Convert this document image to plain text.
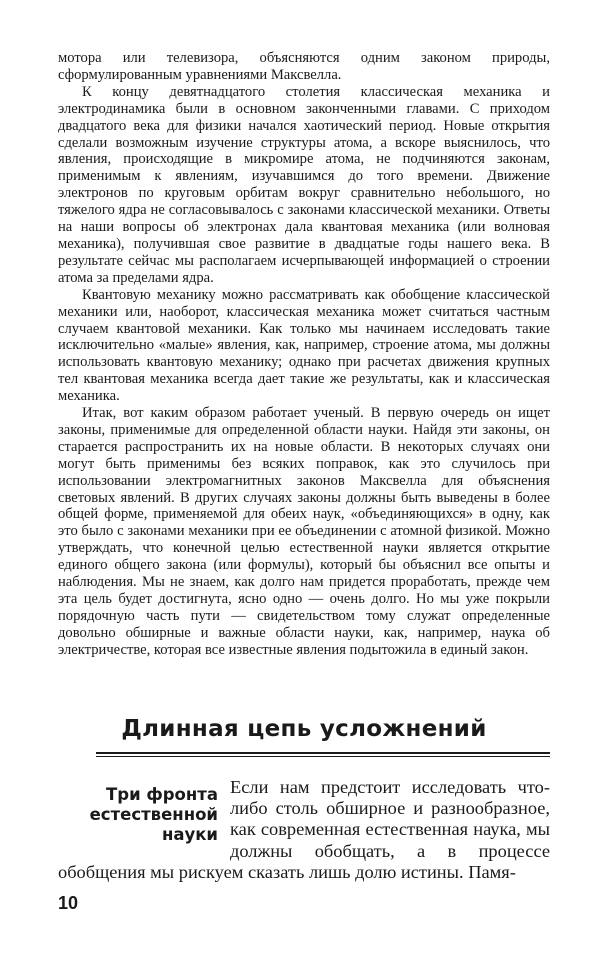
мотора или телевизора, объясняются одним законом природы, сформулированным уравнениями Максвелла.

К концу девятнадцатого столетия классическая механика и электродинамика были в основном законченными главами. С приходом двадцатого века для физики начался хаотический период. Новые открытия сделали возможным изучение структуры атома, а вскоре выяснилось, что явления, происходящие в микромире атома, не подчиняются законам, применимым к явлениям, изучавшимся до того времени. Движение электронов по круговым орбитам вокруг сравнительно небольшого, но тяжелого ядра не согласовывалось с законами классической механики. Ответы на наши вопросы об электронах дала квантовая механика (или волновая механика), получившая свое развитие в двадцатые годы нашего века. В результате сейчас мы располагаем исчерпывающей информацией о строении атома за пределами ядра.

Квантовую механику можно рассматривать как обобщение классической механики или, наоборот, классическая механика может считаться частным случаем квантовой механики. Как только мы начинаем исследовать такие исключительно «малые» явления, как, например, строение атома, мы должны использовать квантовую механику; однако при расчетах движения крупных тел квантовая механика всегда дает такие же результаты, как и классическая механика.

Итак, вот каким образом работает ученый. В первую очередь он ищет законы, применимые для определенной области науки. Найдя эти законы, он старается распространить их на новые области. В некоторых случаях они могут быть применимы без всяких поправок, как это случилось при использовании электромагнитных законов Максвелла для объяснения световых явлений. В других случаях законы должны быть выведены в более общей форме, применяемой для обеих наук, «объединяющихся» в одну, как это было с законами механики при ее объединении с атомной физикой. Можно утверждать, что конечной целью естественной науки является открытие единого общего закона (или формулы), который бы объяснил все опыты и наблюдения. Мы не знаем, как долго нам придется проработать, прежде чем эта цель будет достигнута, ясно одно — очень долго. Но мы уже покрыли порядочную часть пути — свидетельством тому служат определенные довольно обширные и важные области науки, как, например, наука об электричестве, которая все известные явления подытожила в единый закон.

Длинная цепь усложнений
Три фронта естественной науки

Если нам предстоит исследовать что-либо столь обширное и разнообразное, как современная естественная наука, мы должны обобщать, а в процессе обобщения мы рискуем сказать лишь долю истины. Памя-

10
